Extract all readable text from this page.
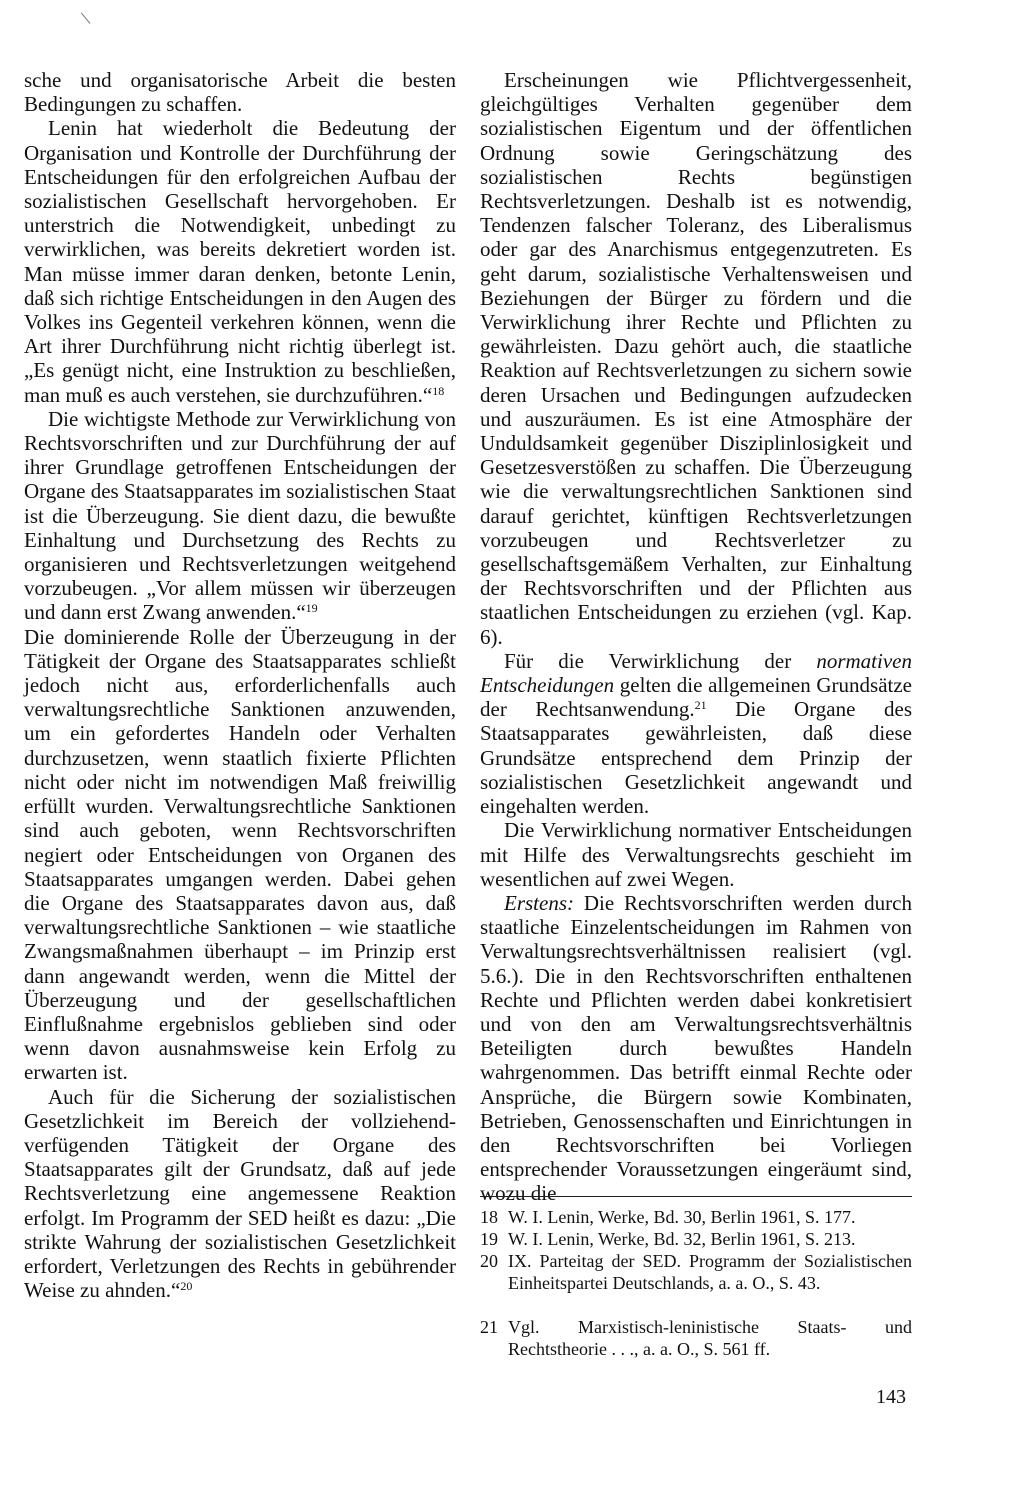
sche und organisatorische Arbeit die besten Bedingungen zu schaffen.

Lenin hat wiederholt die Bedeutung der Organisation und Kontrolle der Durchführung der Entscheidungen für den erfolgreichen Aufbau der sozialistischen Gesellschaft hervorgehoben. Er unterstrich die Notwendigkeit, unbedingt zu verwirklichen, was bereits dekretiert worden ist. Man müsse immer daran denken, betonte Lenin, daß sich richtige Entscheidungen in den Augen des Volkes ins Gegenteil verkehren können, wenn die Art ihrer Durchführung nicht richtig überlegt ist. „Es genügt nicht, eine Instruktion zu beschließen, man muß es auch verstehen, sie durchzuführen.“$^{18}$

Die wichtigste Methode zur Verwirklichung von Rechtsvorschriften und zur Durchführung der auf ihrer Grundlage getroffenen Entscheidungen der Organe des Staatsapparates im sozialistischen Staat ist die Überzeugung. Sie dient dazu, die bewußte Einhaltung und Durchsetzung des Rechts zu organisieren und Rechtsverletzungen weitgehend vorzubeugen. „Vor allem müssen wir überzeugen und dann erst Zwang anwenden.“$^{19}$

Die dominierende Rolle der Überzeugung in der Tätigkeit der Organe des Staatsapparates schließt jedoch nicht aus, erforderlichenfalls auch verwaltungsrechtliche Sanktionen anzuwenden, um ein gefordertes Handeln oder Verhalten durchzusetzen, wenn staatlich fixierte Pflichten nicht oder nicht im notwendigen Maß freiwillig erfüllt wurden. Verwaltungsrechtliche Sanktionen sind auch geboten, wenn Rechtsvorschriften negiert oder Entscheidungen von Organen des Staatsapparates umgangen werden. Dabei gehen die Organe des Staatsapparates davon aus, daß verwaltungsrechtliche Sanktionen – wie staatliche Zwangsmaßnahmen überhaupt – im Prinzip erst dann angewandt werden, wenn die Mittel der Überzeugung und der gesellschaftlichen Einflußnahme ergebnislos geblieben sind oder wenn davon ausnahmsweise kein Erfolg zu erwarten ist.

Auch für die Sicherung der sozialistischen Gesetzlichkeit im Bereich der vollziehend-verfügenden Tätigkeit der Organe des Staatsapparates gilt der Grundsatz, daß auf jede Rechtsverletzung eine angemessene Reaktion erfolgt. Im Programm der SED heißt es dazu: „Die strikte Wahrung der sozialistischen Gesetzlichkeit erfordert, Verletzungen des Rechts in gebührender Weise zu ahnden.“$^{20}$

Erscheinungen wie Pflichtvergessenheit, gleichgültiges Verhalten gegenüber dem sozialistischen Eigentum und der öffentlichen Ordnung sowie Geringschätzung des sozialistischen Rechts begünstigen Rechtsverletzungen. Deshalb ist es notwendig, Tendenzen falscher Toleranz, des Liberalismus oder gar des Anarchismus entgegenzutreten. Es geht darum, sozialistische Verhaltensweisen und Beziehungen der Bürger zu fördern und die Verwirklichung ihrer Rechte und Pflichten zu gewährleisten. Dazu gehört auch, die staatliche Reaktion auf Rechtsverletzungen zu sichern sowie deren Ursachen und Bedingungen aufzudecken und auszuräumen. Es ist eine Atmosphäre der Unduldsamkeit gegenüber Disziplinlosigkeit und Gesetzesverstößen zu schaffen. Die Überzeugung wie die verwaltungsrechtlichen Sanktionen sind darauf gerichtet, künftigen Rechtsverletzungen vorzubeugen und Rechtsverletzer zu gesellschaftsgemäßem Verhalten, zur Einhaltung der Rechtsvorschriften und der Pflichten aus staatlichen Entscheidungen zu erziehen (vgl. Kap. 6).

Für die Verwirklichung der normativen Entscheidungen gelten die allgemeinen Grundsätze der Rechtsanwendung.$^{21}$ Die Organe des Staatsapparates gewährleisten, daß diese Grundsätze entsprechend dem Prinzip der sozialistischen Gesetzlichkeit angewandt und eingehalten werden.

Die Verwirklichung normativer Entscheidungen mit Hilfe des Verwaltungsrechts geschieht im wesentlichen auf zwei Wegen.

Erstens: Die Rechtsvorschriften werden durch staatliche Einzelentscheidungen im Rahmen von Verwaltungsrechtsverhältnissen realisiert (vgl. 5.6.). Die in den Rechtsvorschriften enthaltenen Rechte und Pflichten werden dabei konkretisiert und von den am Verwaltungsrechtsverhältnis Beteiligten durch bewußtes Handeln wahrgenommen. Das betrifft einmal Rechte oder Ansprüche, die Bürgern sowie Kombinaten, Betrieben, Genossenschaften und Einrichtungen in den Rechtsvorschriften bei Vorliegen entsprechender Voraussetzungen eingeräumt sind, wozu die

18 W. I. Lenin, Werke, Bd. 30, Berlin 1961, S. 177.
19 W. I. Lenin, Werke, Bd. 32, Berlin 1961, S. 213.
20 IX. Parteitag der SED. Programm der Sozialistischen Einheitspartei Deutschlands, a. a. O., S. 43.
21 Vgl. Marxistisch-leninistische Staats- und Rechtstheorie . . ., a. a. O., S. 561 ff.
143
